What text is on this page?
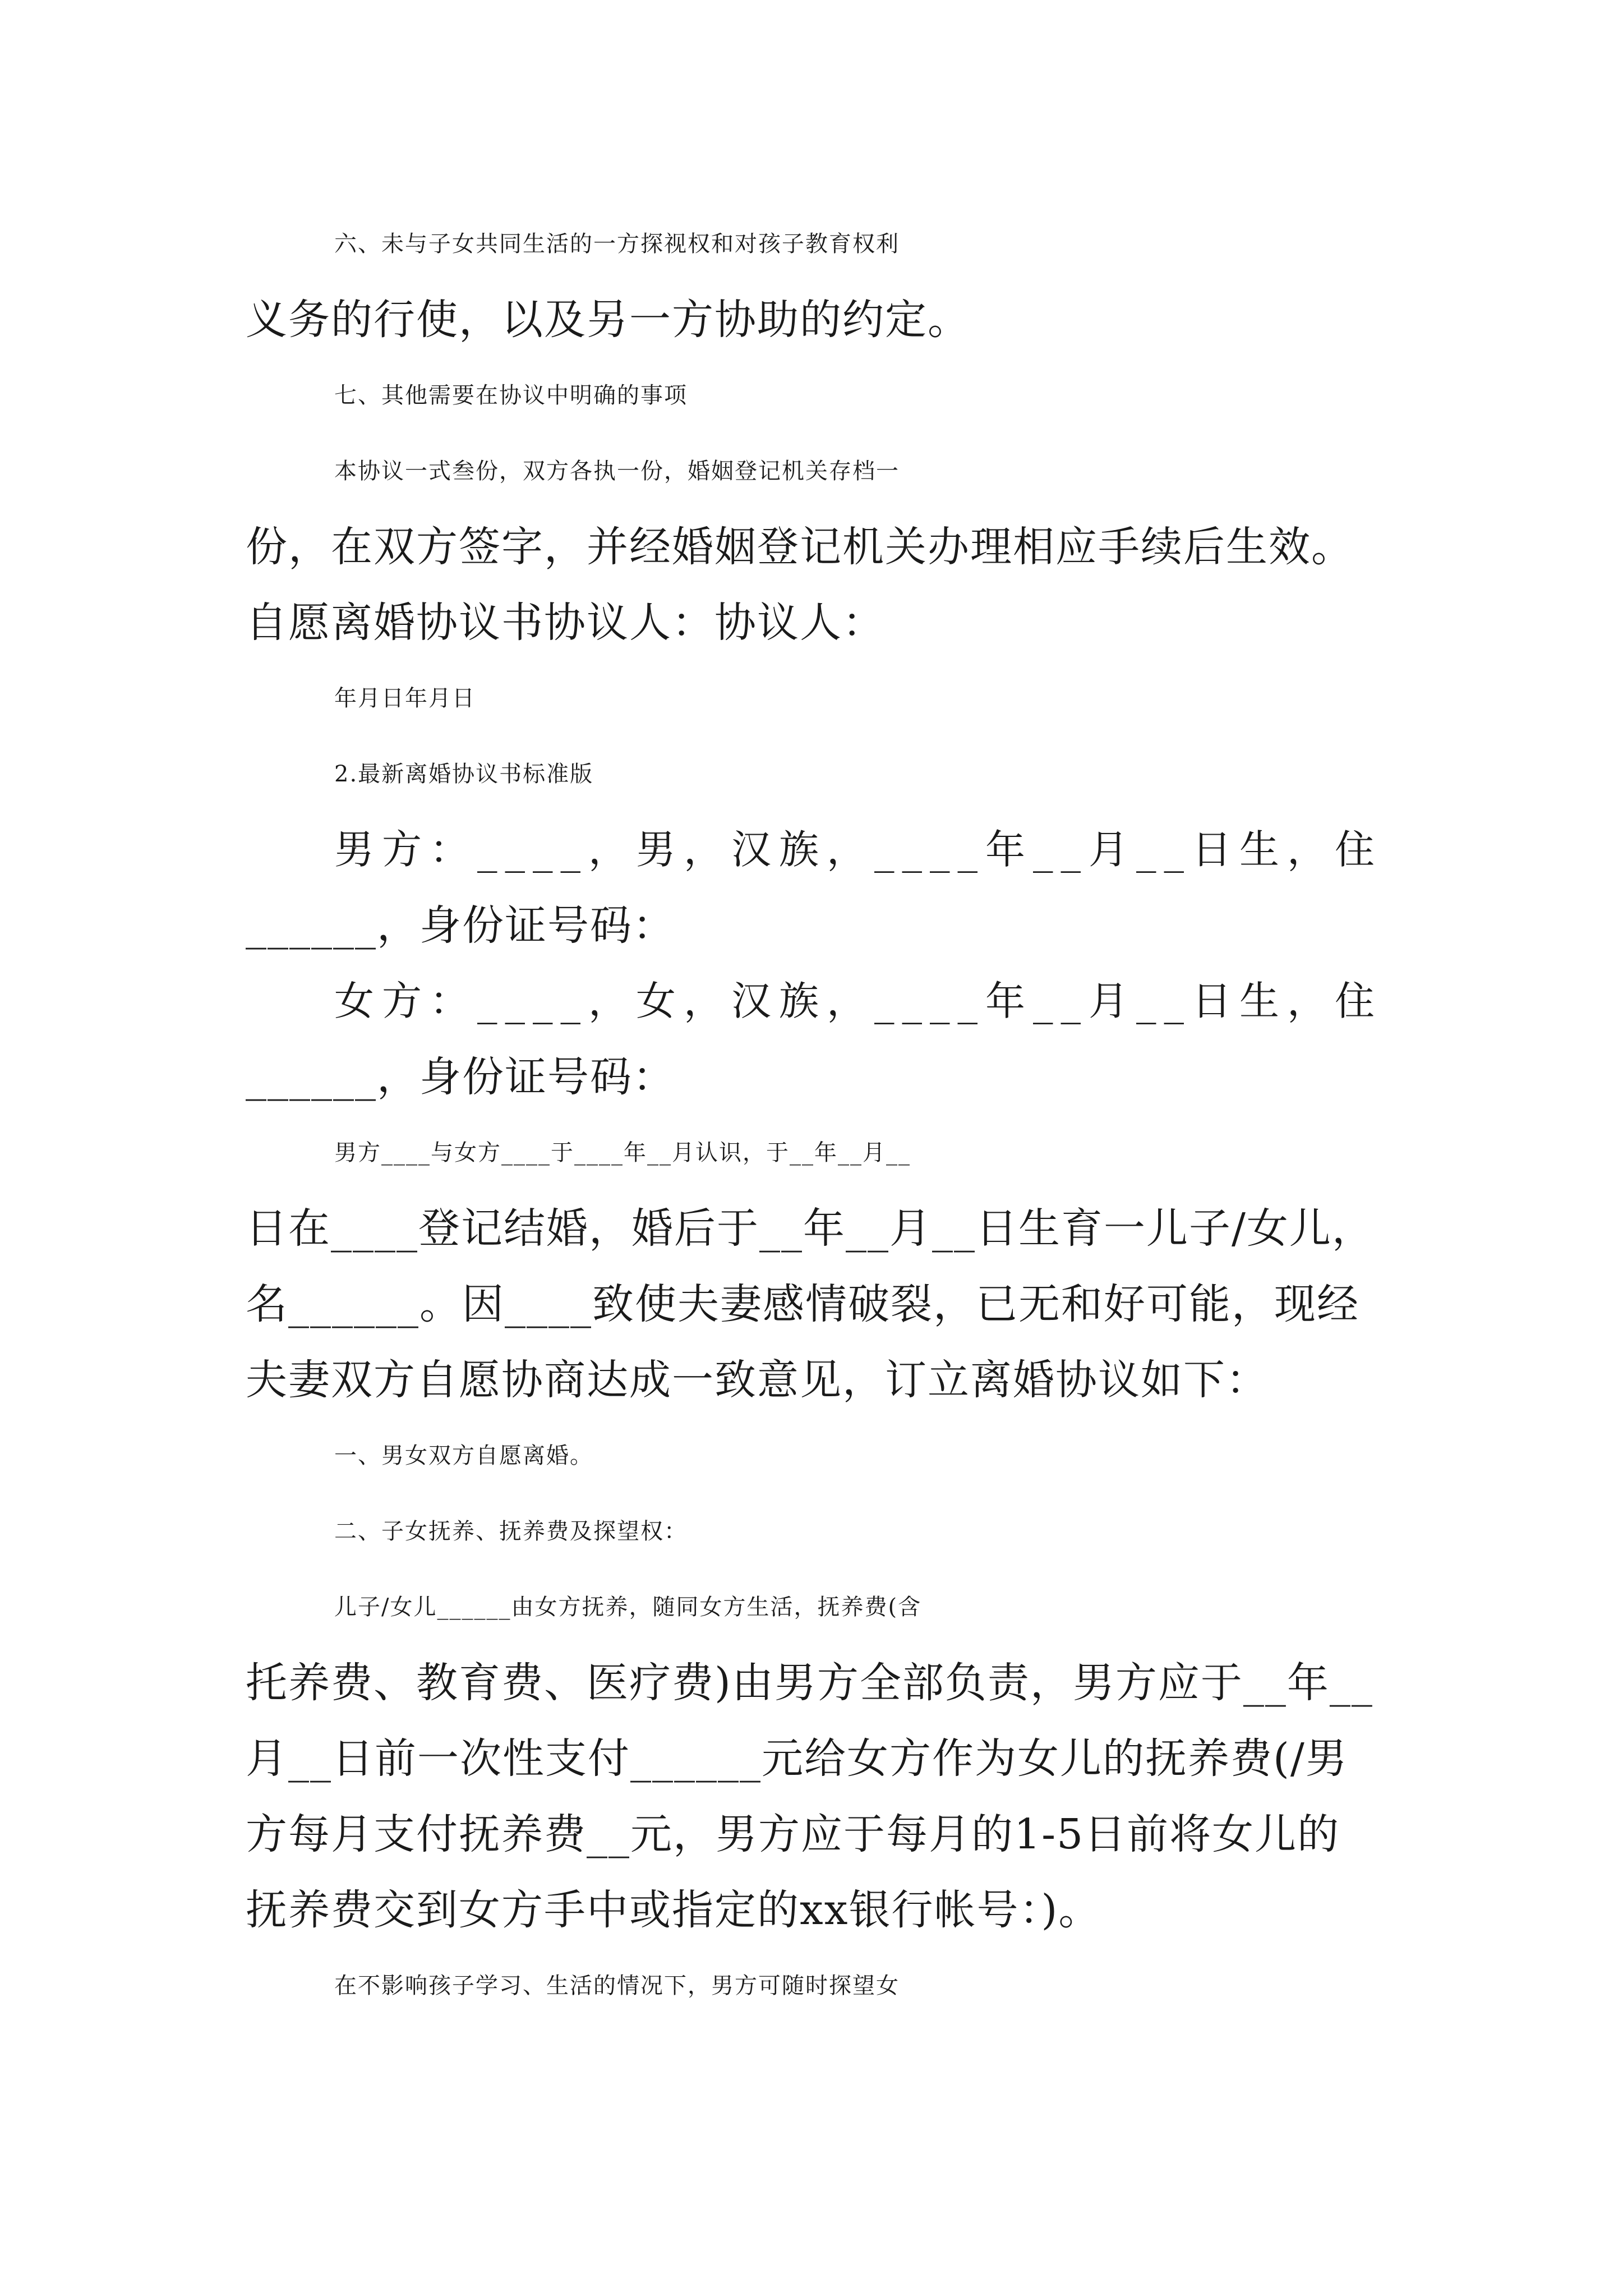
六、未与子女共同生活的一方探视权和对孩子教育权利
义务的行使，以及另一方协助的约定。
七、其他需要在协议中明确的事项
本协议一式叁份，双方各执一份，婚姻登记机关存档一
份，在双方签字，并经婚姻登记机关办理相应手续后生效。
自愿离婚协议书协议人：协议人：
年月日年月日
2.最新离婚协议书标准版
男方：____，男，汉族，____年__月__日生，住
______，身份证号码：
女方：____，女，汉族，____年__月__日生，住
______，身份证号码：
男方____与女方____于____年__月认识，于__年__月__
日在____登记结婚，婚后于__年__月__日生育一儿子/女儿，
名______。因____致使夫妻感情破裂，已无和好可能，现经
夫妻双方自愿协商达成一致意见，订立离婚协议如下：
一、男女双方自愿离婚。
二、子女抚养、抚养费及探望权：
儿子/女儿______由女方抚养，随同女方生活，抚养费(含
托养费、教育费、医疗费)由男方全部负责，男方应于__年__
月__日前一次性支付______元给女方作为女儿的抚养费(/男
方每月支付抚养费__元，男方应于每月的1-5日前将女儿的
抚养费交到女方手中或指定的xx银行帐号：)。
在不影响孩子学习、生活的情况下，男方可随时探望女
